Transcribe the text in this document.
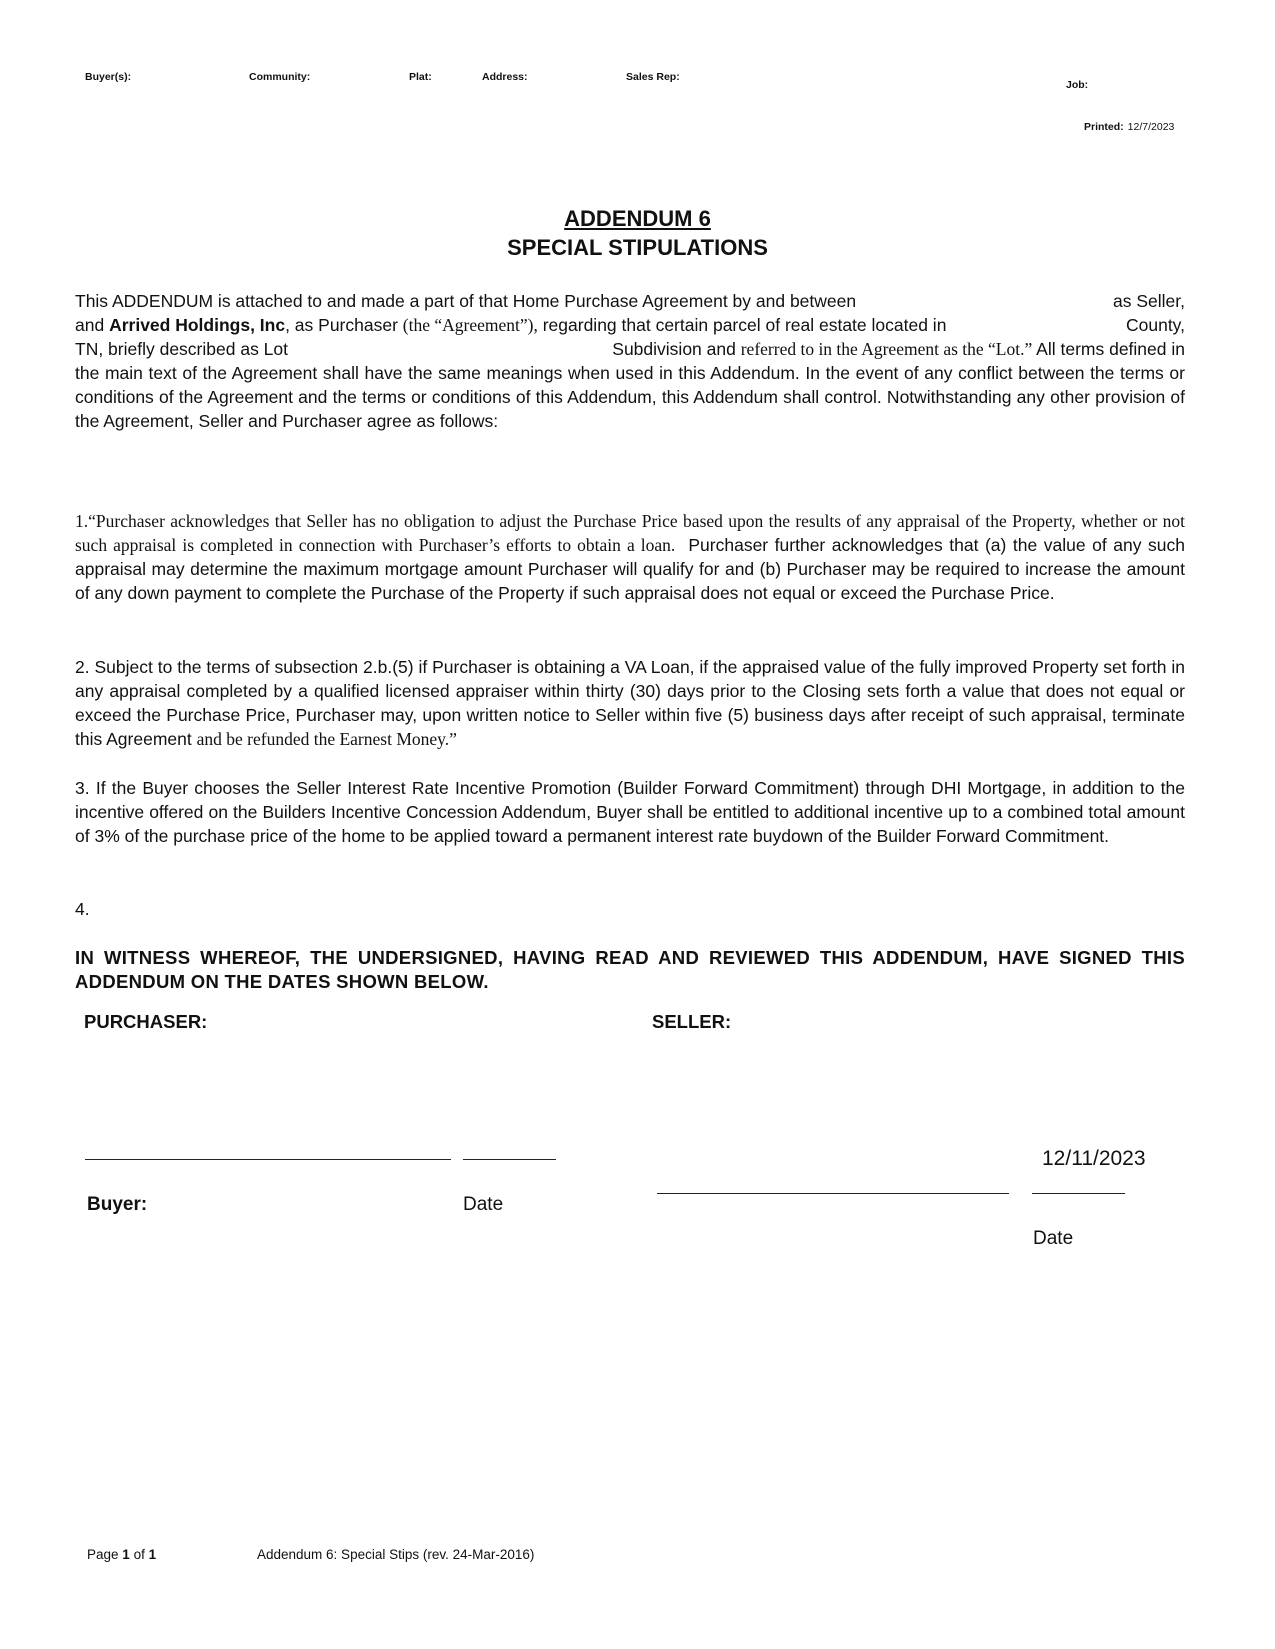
Buyer(s):	Community:	Plat:	Address:	Sales Rep:
Job:
Printed: 12/7/2023
ADDENDUM 6
SPECIAL STIPULATIONS
This ADDENDUM is attached to and made a part of that Home Purchase Agreement by and between	as Seller,
and Arrived Holdings, Inc, as Purchaser (the “Agreement”), regarding that certain parcel of real estate located in	County,
TN, briefly described as Lot	Subdivision and referred to in the Agreement as the “Lot.” All terms defined in
the main text of the Agreement shall have the same meanings when used in this Addendum. In the event of any conflict between the terms or conditions of the Agreement and the terms or conditions of this Addendum, this Addendum shall control. Notwithstanding any other provision of the Agreement, Seller and Purchaser agree as follows:
1.“Purchaser acknowledges that Seller has no obligation to adjust the Purchase Price based upon the results of any appraisal of the Property, whether or not such appraisal is completed in connection with Purchaser’s efforts to obtain a loan. Purchaser further acknowledges that (a) the value of any such appraisal may determine the maximum mortgage amount Purchaser will qualify for and (b) Purchaser may be required to increase the amount of any down payment to complete the Purchase of the Property if such appraisal does not equal or exceed the Purchase Price.
2. Subject to the terms of subsection 2.b.(5) if Purchaser is obtaining a VA Loan, if the appraised value of the fully improved Property set forth in any appraisal completed by a qualified licensed appraiser within thirty (30) days prior to the Closing sets forth a value that does not equal or exceed the Purchase Price, Purchaser may, upon written notice to Seller within five (5) business days after receipt of such appraisal, terminate this Agreement and be refunded the Earnest Money.”
3. If the Buyer chooses the Seller Interest Rate Incentive Promotion (Builder Forward Commitment) through DHI Mortgage, in addition to the incentive offered on the Builders Incentive Concession Addendum, Buyer shall be entitled to additional incentive up to a combined total amount of 3% of the purchase price of the home to be applied toward a permanent interest rate buydown of the Builder Forward Commitment.
4.
IN WITNESS WHEREOF, THE UNDERSIGNED, HAVING READ AND REVIEWED THIS ADDENDUM, HAVE SIGNED THIS ADDENDUM ON THE DATES SHOWN BELOW.
PURCHASER:	SELLER:
12/11/2023
Buyer:	Date
Date
Page 1 of 1	Addendum 6: Special Stips (rev. 24-Mar-2016)
